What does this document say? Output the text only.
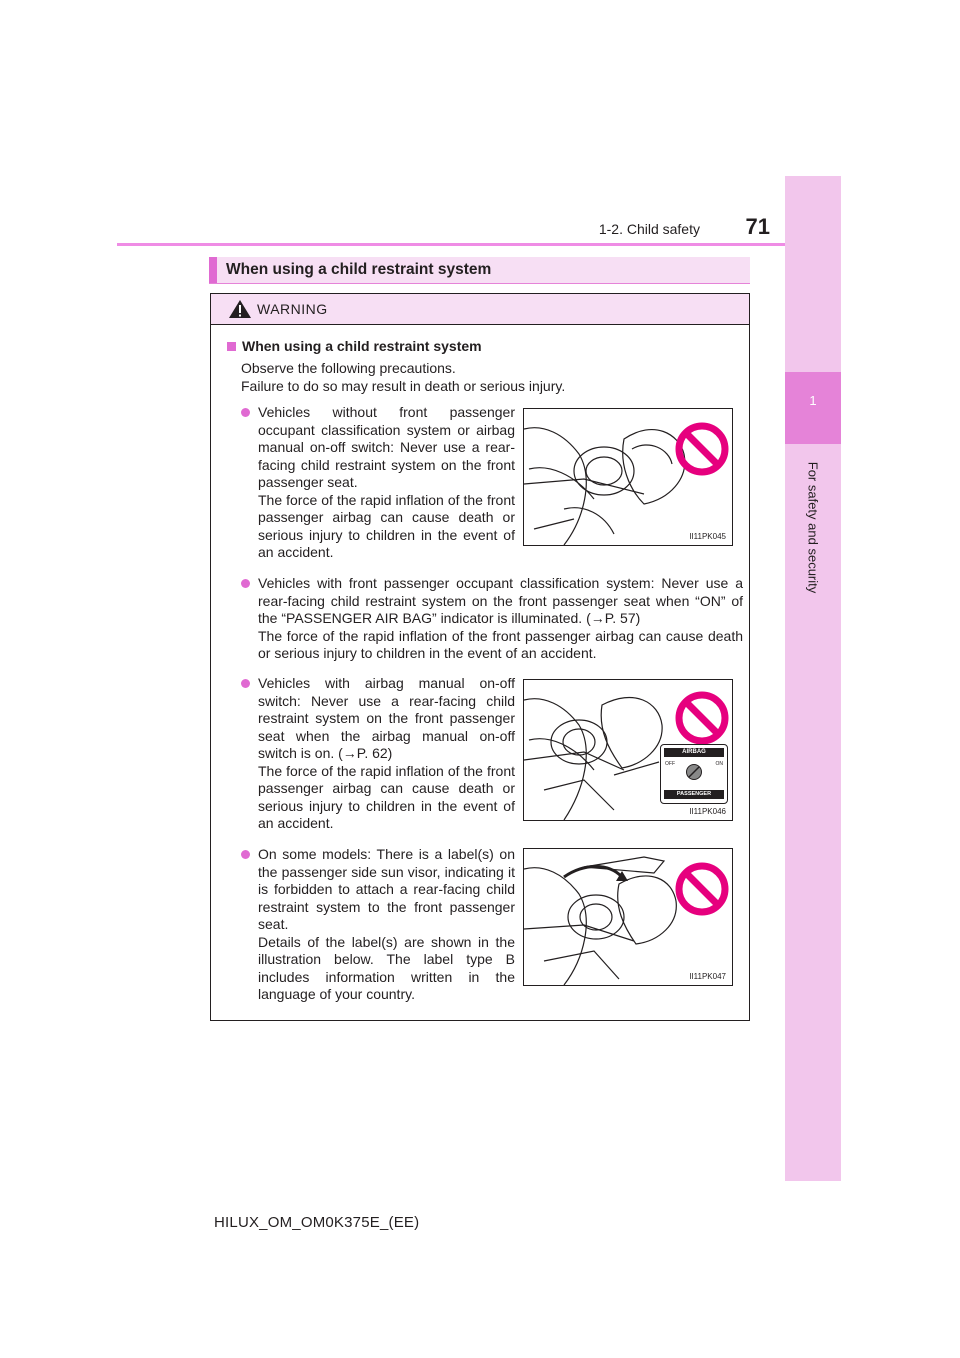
1
For safety and security
1-2. Child safety	71
When using a child restraint system
WARNING
When using a child restraint system
Observe the following precautions.
Failure to do so may result in death or serious injury.
Vehicles without front passenger occupant classification system or airbag manual on-off switch: Never use a rear-facing child restraint system on the front passenger seat.
The force of the rapid inflation of the front passenger airbag can cause death or serious injury to children in the event of an accident.
Vehicles with front passenger occupant classification system: Never use a rear-facing child restraint system on the front passenger seat when “ON” of the “PASSENGER AIR BAG” indicator is illuminated. (→P. 57)
The force of the rapid inflation of the front passenger airbag can cause death or serious injury to children in the event of an accident.
Vehicles with airbag manual on-off switch: Never use a rear-facing child restraint system on the front passenger seat when the airbag manual on-off switch is on. (→P. 62)
The force of the rapid inflation of the front passenger airbag can cause death or serious injury to children in the event of an accident.
On some models: There is a label(s) on the passenger side sun visor, indicating it is forbidden to attach a rear-facing child restraint system to the front passenger seat.
Details of the label(s) are shown in the illustration below. The label type B includes information written in the language of your country.
II11PK045
AIRBAG
OFF	ON
PASSENGER
II11PK046
II11PK047
HILUX_OM_OM0K375E_(EE)
